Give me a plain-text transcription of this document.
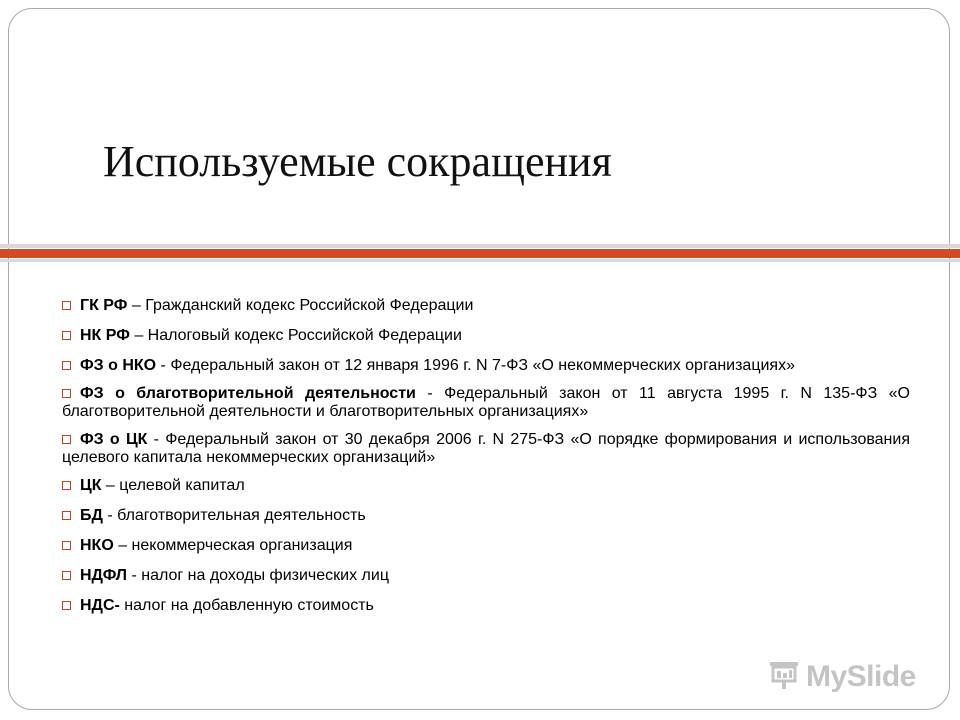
Используемые сокращения
ГК РФ – Гражданский кодекс Российской Федерации
НК РФ – Налоговый кодекс Российской Федерации
ФЗ о НКО - Федеральный закон от 12 января 1996 г. N 7-ФЗ «О некоммерческих организациях»
ФЗ о благотворительной деятельности - Федеральный закон от 11 августа 1995 г. N 135-ФЗ «О благотворительной деятельности и благотворительных организациях»
ФЗ о ЦК - Федеральный закон от 30 декабря 2006 г. N 275-ФЗ «О порядке формирования и использования целевого капитала некоммерческих организаций»
ЦК – целевой капитал
БД - благотворительная деятельность
НКО – некоммерческая организация
НДФЛ - налог на доходы физических лиц
НДС- налог на добавленную стоимость
MySlide
